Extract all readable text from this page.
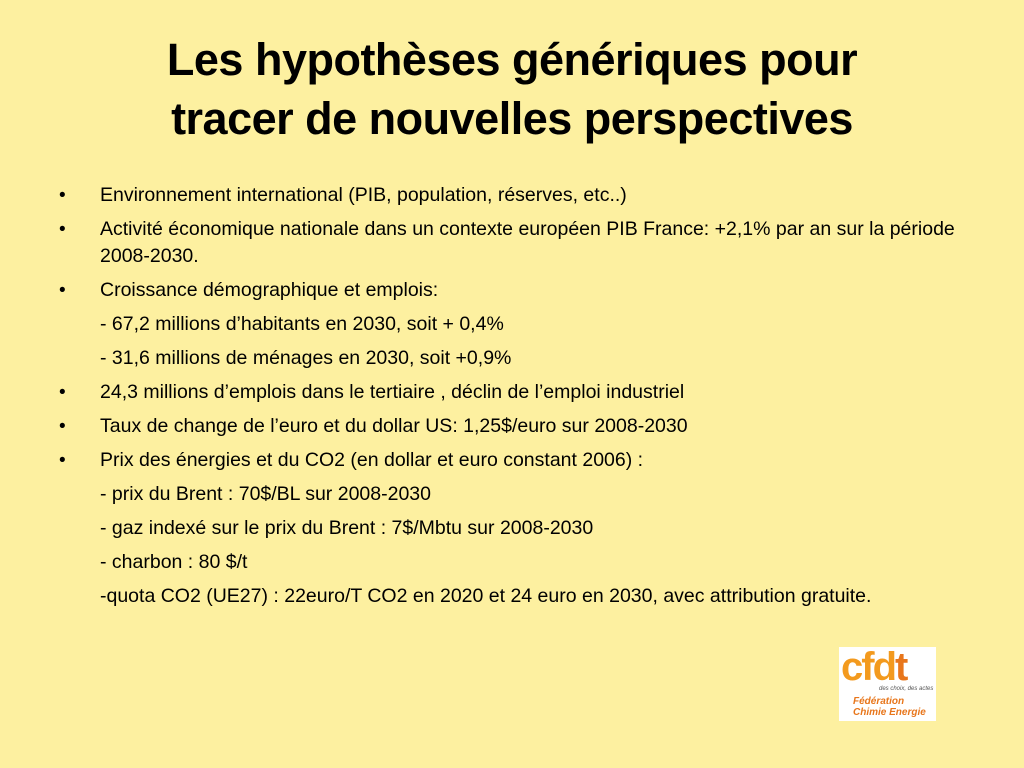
Les hypothèses génériques pour
tracer de nouvelles perspectives
• Environnement international (PIB, population, réserves, etc..)
• Activité économique nationale dans un contexte européen PIB France: +2,1% par an sur la période 2008-2030.
• Croissance démographique et emplois:
- 67,2 millions d’habitants en 2030, soit + 0,4%
- 31,6 millions de ménages en 2030, soit +0,9%
• 24,3 millions d’emplois dans le tertiaire , déclin de l’emploi industriel
• Taux de change de l’euro et du dollar US: 1,25$/euro sur 2008-2030
• Prix des énergies et du CO2 (en dollar et euro constant 2006) :
- prix du Brent : 70$/BL sur 2008-2030
- gaz indexé sur le prix du Brent : 7$/Mbtu sur 2008-2030
- charbon : 80 $/t
-quota CO2 (UE27) : 22euro/T CO2 en 2020 et 24 euro en 2030, avec attribution gratuite.
cfdt
des choix, des actes
Fédération
Chimie Energie
